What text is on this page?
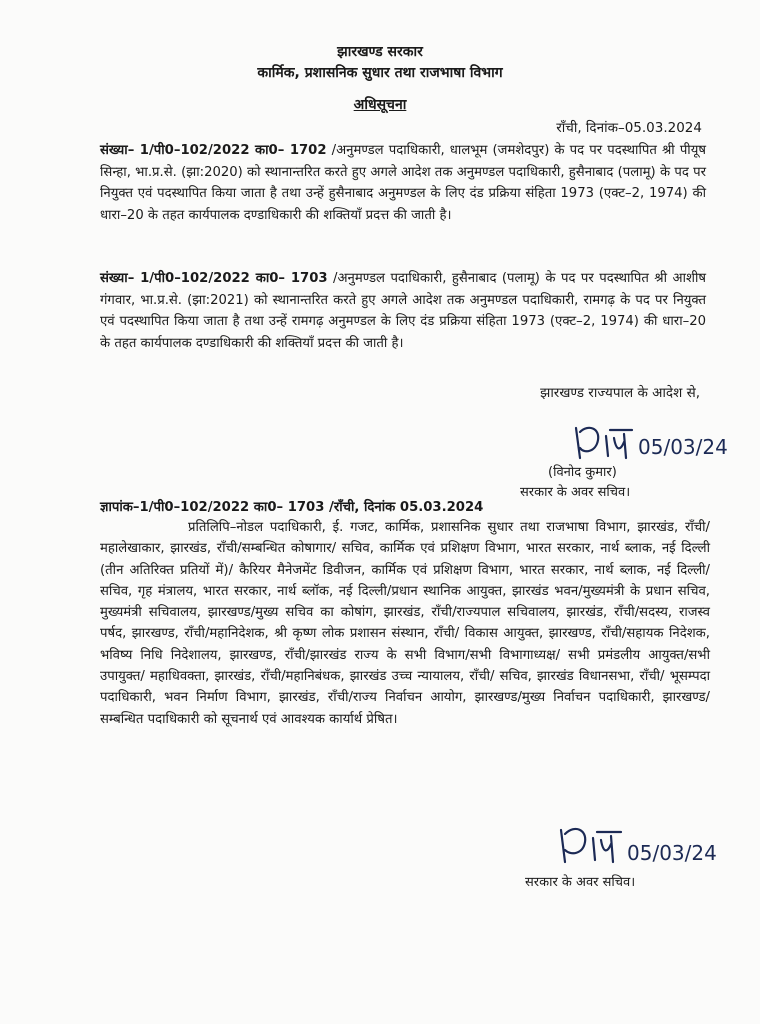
झारखण्ड सरकार
कार्मिक, प्रशासनिक सुधार तथा राजभाषा विभाग
अधिसूचना
राँची, दिनांक–05.03.2024
संख्या– 1/पी0–102/2022 का0– 1702 /अनुमण्डल पदाधिकारी, धालभूम (जमशेदपुर) के पद पर पदस्थापित श्री पीयूष सिन्हा, भा.प्र.से. (झा:2020) को स्थानान्तरित करते हुए अगले आदेश तक अनुमण्डल पदाधिकारी, हुसैनाबाद (पलामू) के पद पर नियुक्त एवं पदस्थापित किया जाता है तथा उन्हें हुसैनाबाद अनुमण्डल के लिए दंड प्रक्रिया संहिता 1973 (एक्ट–2, 1974) की धारा–20 के तहत कार्यपालक दण्डाधिकारी की शक्तियाँ प्रदत्त की जाती है।
संख्या– 1/पी0–102/2022 का0– 1703 /अनुमण्डल पदाधिकारी, हुसैनाबाद (पलामू) के पद पर पदस्थापित श्री आशीष गंगवार, भा.प्र.से. (झा:2021) को स्थानान्तरित करते हुए अगले आदेश तक अनुमण्डल पदाधिकारी, रामगढ़ के पद पर नियुक्त एवं पदस्थापित किया जाता है तथा उन्हें रामगढ़ अनुमण्डल के लिए दंड प्रक्रिया संहिता 1973 (एक्ट–2, 1974) की धारा–20 के तहत कार्यपालक दण्डाधिकारी की शक्तियाँ प्रदत्त की जाती है।
झारखण्ड राज्यपाल के आदेश से,
05/03/24
(विनोद कुमार)
सरकार के अवर सचिव।
ज्ञापांक–1/पी0–102/2022 का0– 1703 /राँची, दिनांक 05.03.2024
प्रतिलिपि–नोडल पदाधिकारी, ई. गजट, कार्मिक, प्रशासनिक सुधार तथा राजभाषा विभाग, झारखंड, राँची/महालेखाकार, झारखंड, राँची/सम्बन्धित कोषागार/ सचिव, कार्मिक एवं प्रशिक्षण विभाग, भारत सरकार, नार्थ ब्लाक, नई दिल्ली (तीन अतिरिक्त प्रतियों में)/ कैरियर मैनेजमेंट डिवीजन, कार्मिक एवं प्रशिक्षण विभाग, भारत सरकार, नार्थ ब्लाक, नई दिल्ली/सचिव, गृह मंत्रालय, भारत सरकार, नार्थ ब्लॉक, नई दिल्ली/प्रधान स्थानिक आयुक्त, झारखंड भवन/मुख्यमंत्री के प्रधान सचिव, मुख्यमंत्री सचिवालय, झारखण्ड/मुख्य सचिव का कोषांग, झारखंड, राँची/राज्यपाल सचिवालय, झारखंड, राँची/सदस्य, राजस्व पर्षद, झारखण्ड, राँची/महानिदेशक, श्री कृष्ण लोक प्रशासन संस्थान, राँची/ विकास आयुक्त, झारखण्ड, राँची/सहायक निदेशक, भविष्य निधि निदेशालय, झारखण्ड, राँची/झारखंड राज्य के सभी विभाग/सभी विभागाध्यक्ष/ सभी प्रमंडलीय आयुक्त/सभी उपायुक्त/ महाधिवक्ता, झारखंड, राँची/महानिबंधक, झारखंड उच्च न्यायालय, राँची/ सचिव, झारखंड विधानसभा, राँची/ भूसम्पदा पदाधिकारी, भवन निर्माण विभाग, झारखंड, राँची/राज्य निर्वाचन आयोग, झारखण्ड/मुख्य निर्वाचन पदाधिकारी, झारखण्ड/सम्बन्धित पदाधिकारी को सूचनार्थ एवं आवश्यक कार्यार्थ प्रेषित।
05/03/24
सरकार के अवर सचिव।
